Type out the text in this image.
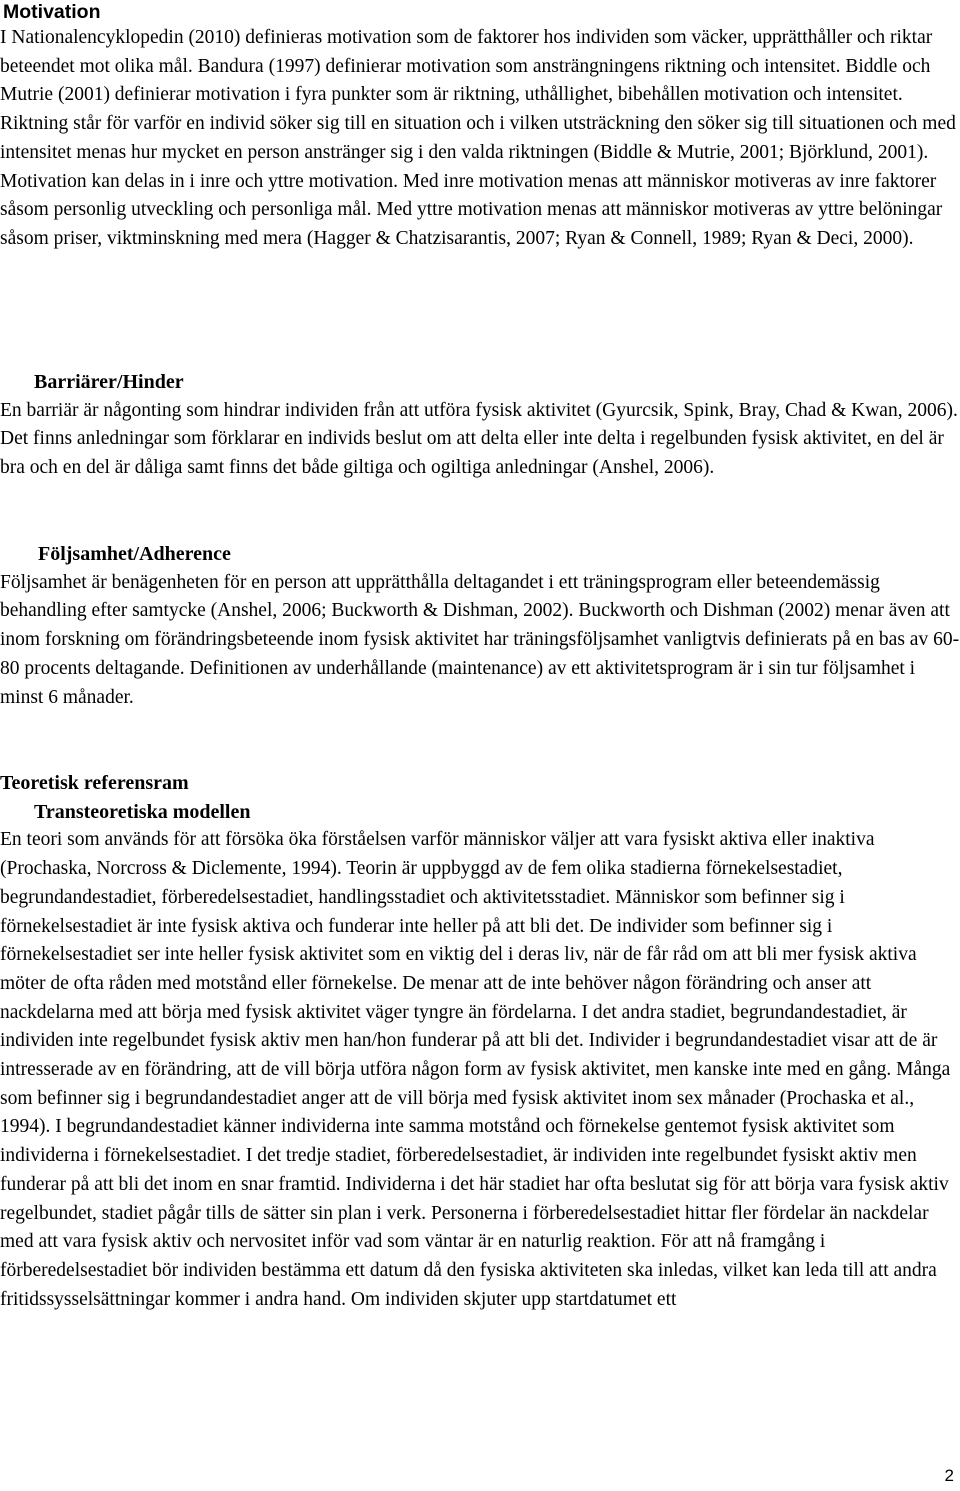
Motivation

I Nationalencyklopedin (2010) definieras motivation som de faktorer hos individen som väcker, upprätthåller och riktar beteendet mot olika mål. Bandura (1997) definierar motivation som ansträngningens riktning och intensitet. Biddle och Mutrie (2001) definierar motivation i fyra punkter som är riktning, uthållighet, bibehållen motivation och intensitet. Riktning står för varför en individ söker sig till en situation och i vilken utsträckning den söker sig till situationen och med intensitet menas hur mycket en person anstränger sig i den valda riktningen (Biddle & Mutrie, 2001; Björklund, 2001). Motivation kan delas in i inre och yttre motivation. Med inre motivation menas att människor motiveras av inre faktorer såsom personlig utveckling och personliga mål. Med yttre motivation menas att människor motiveras av yttre belöningar såsom priser, viktminskning med mera (Hagger & Chatzisarantis, 2007; Ryan & Connell, 1989; Ryan & Deci, 2000).

Barriärer/Hinder

En barriär är någonting som hindrar individen från att utföra fysisk aktivitet (Gyurcsik, Spink, Bray, Chad & Kwan, 2006). Det finns anledningar som förklarar en individs beslut om att delta eller inte delta i regelbunden fysisk aktivitet, en del är bra och en del är dåliga samt finns det både giltiga och ogiltiga anledningar (Anshel, 2006).

Följsamhet/Adherence

Följsamhet är benägenheten för en person att upprätthålla deltagandet i ett träningsprogram eller beteendemässig behandling efter samtycke (Anshel, 2006; Buckworth & Dishman, 2002). Buckworth och Dishman (2002) menar även att inom forskning om förändringsbeteende inom fysisk aktivitet har träningsföljsamhet vanligtvis definierats på en bas av 60-80 procents deltagande. Definitionen av underhållande (maintenance) av ett aktivitetsprogram är i sin tur följsamhet i minst 6 månader.

Teoretisk referensram
Transteoretiska modellen

En teori som används för att försöka öka förståelsen varför människor väljer att vara fysiskt aktiva eller inaktiva (Prochaska, Norcross & Diclemente, 1994). Teorin är uppbyggd av de fem olika stadierna förnekelsestadiet, begrundandestadiet, förberedelsestadiet, handlingsstadiet och aktivitetsstadiet. Människor som befinner sig i förnekelsestadiet är inte fysisk aktiva och funderar inte heller på att bli det. De individer som befinner sig i förnekelsestadiet ser inte heller fysisk aktivitet som en viktig del i deras liv, när de får råd om att bli mer fysisk aktiva möter de ofta råden med motstånd eller förnekelse. De menar att de inte behöver någon förändring och anser att nackdelarna med att börja med fysisk aktivitet väger tyngre än fördelarna. I det andra stadiet, begrundandestadiet, är individen inte regelbundet fysisk aktiv men han/hon funderar på att bli det. Individer i begrundandestadiet visar att de är intresserade av en förändring, att de vill börja utföra någon form av fysisk aktivitet, men kanske inte med en gång. Många som befinner sig i begrundandestadiet anger att de vill börja med fysisk aktivitet inom sex månader (Prochaska et al., 1994). I begrundandestadiet känner individerna inte samma motstånd och förnekelse gentemot fysisk aktivitet som individerna i förnekelsestadiet. I det tredje stadiet, förberedelsestadiet, är individen inte regelbundet fysiskt aktiv men funderar på att bli det inom en snar framtid. Individerna i det här stadiet har ofta beslutat sig för att börja vara fysisk aktiv regelbundet, stadiet pågår tills de sätter sin plan i verk. Personerna i förberedelsestadiet hittar fler fördelar än nackdelar med att vara fysisk aktiv och nervositet inför vad som väntar är en naturlig reaktion. För att nå framgång i förberedelsestadiet bör individen bestämma ett datum då den fysiska aktiviteten ska inledas, vilket kan leda till att andra fritidssysselsättningar kommer i andra hand. Om individen skjuter upp startdatumet ett

2
